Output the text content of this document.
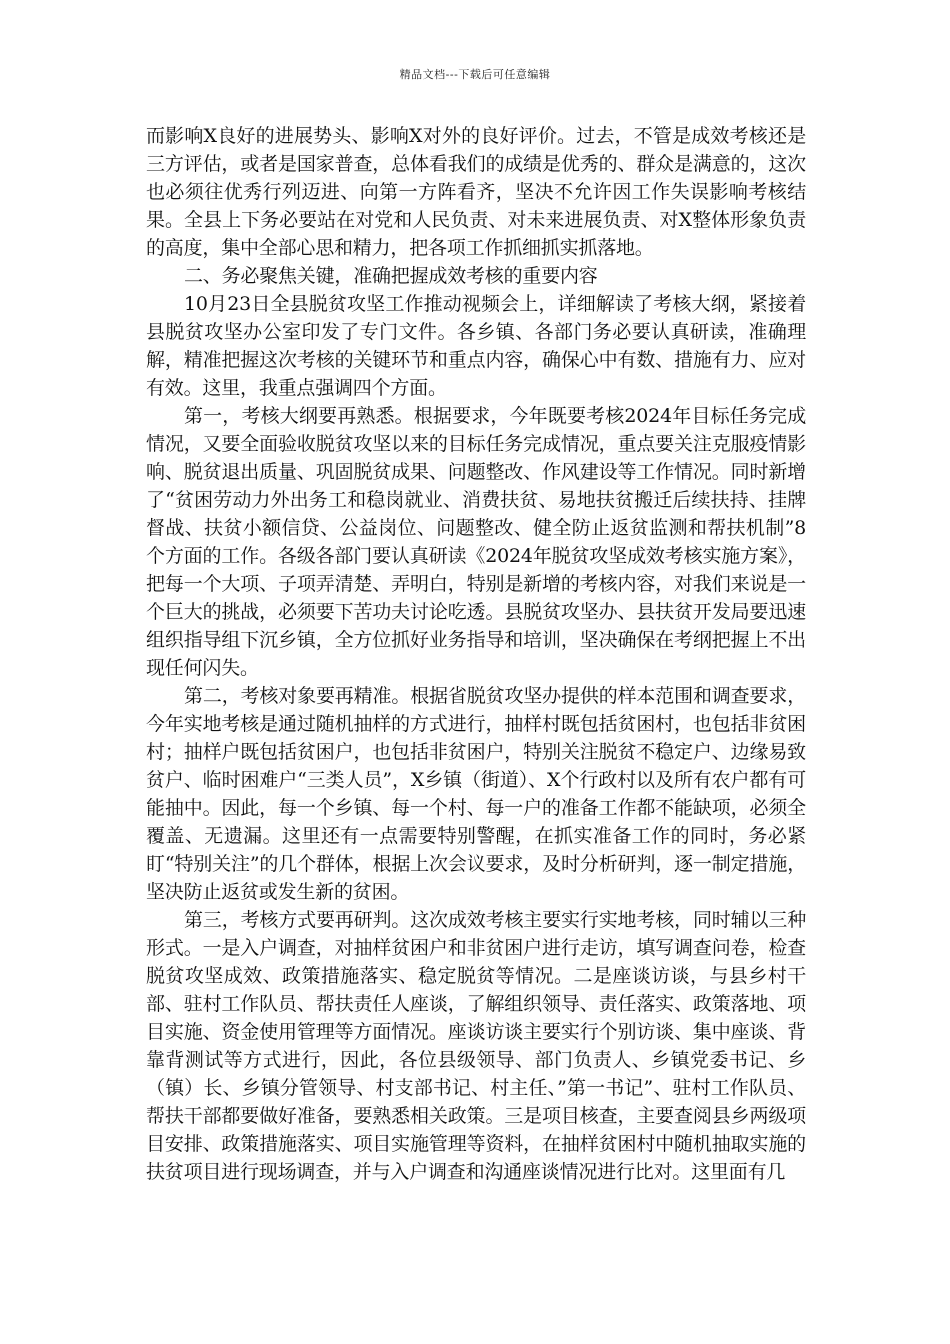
精品文档---下载后可任意编辑

而影响X良好的进展势头、影响X对外的良好评价。过去，不管是成效考核还是三方评估，或者是国家普查，总体看我们的成绩是优秀的、群众是满意的，这次也必须往优秀行列迈进、向第一方阵看齐，坚决不允许因工作失误影响考核结果。全县上下务必要站在对党和人民负责、对未来进展负责、对X整体形象负责的高度，集中全部心思和精力，把各项工作抓细抓实抓落地。

二、务必聚焦关键，准确把握成效考核的重要内容

10月23日全县脱贫攻坚工作推动视频会上，详细解读了考核大纲，紧接着县脱贫攻坚办公室印发了专门文件。各乡镇、各部门务必要认真研读，准确理解，精准把握这次考核的关键环节和重点内容，确保心中有数、措施有力、应对有效。这里，我重点强调四个方面。

第一，考核大纲要再熟悉。根据要求，今年既要考核2024年目标任务完成情况，又要全面验收脱贫攻坚以来的目标任务完成情况，重点要关注克服疫情影响、脱贫退出质量、巩固脱贫成果、问题整改、作风建设等工作情况。同时新增了“贫困劳动力外出务工和稳岗就业、消费扶贫、易地扶贫搬迁后续扶持、挂牌督战、扶贫小额信贷、公益岗位、问题整改、健全防止返贫监测和帮扶机制”8个方面的工作。各级各部门要认真研读《2024年脱贫攻坚成效考核实施方案》，把每一个大项、子项弄清楚、弄明白，特别是新增的考核内容，对我们来说是一个巨大的挑战，必须要下苦功夫讨论吃透。县脱贫攻坚办、县扶贫开发局要迅速组织指导组下沉乡镇，全方位抓好业务指导和培训，坚决确保在考纲把握上不出现任何闪失。

第二，考核对象要再精准。根据省脱贫攻坚办提供的样本范围和调查要求，今年实地考核是通过随机抽样的方式进行，抽样村既包括贫困村，也包括非贫困村；抽样户既包括贫困户，也包括非贫困户，特别关注脱贫不稳定户、边缘易致贫户、临时困难户“三类人员”，X乡镇（街道）、X个行政村以及所有农户都有可能抽中。因此，每一个乡镇、每一个村、每一户的准备工作都不能缺项，必须全覆盖、无遗漏。这里还有一点需要特别警醒，在抓实准备工作的同时，务必紧盯“特别关注”的几个群体，根据上次会议要求，及时分析研判，逐一制定措施，坚决防止返贫或发生新的贫困。

第三，考核方式要再研判。这次成效考核主要实行实地考核，同时辅以三种形式。一是入户调查，对抽样贫困户和非贫困户进行走访，填写调查问卷，检查脱贫攻坚成效、政策措施落实、稳定脱贫等情况。二是座谈访谈，与县乡村干部、驻村工作队员、帮扶责任人座谈，了解组织领导、责任落实、政策落地、项目实施、资金使用管理等方面情况。座谈访谈主要实行个别访谈、集中座谈、背靠背测试等方式进行，因此，各位县级领导、部门负责人、乡镇党委书记、乡（镇）长、乡镇分管领导、村支部书记、村主任、”第一书记”、驻村工作队员、帮扶干部都要做好准备，要熟悉相关政策。三是项目核查，主要查阅县乡两级项目安排、政策措施落实、项目实施管理等资料，在抽样贫困村中随机抽取实施的扶贫项目进行现场调查，并与入户调查和沟通座谈情况进行比对。这里面有几
